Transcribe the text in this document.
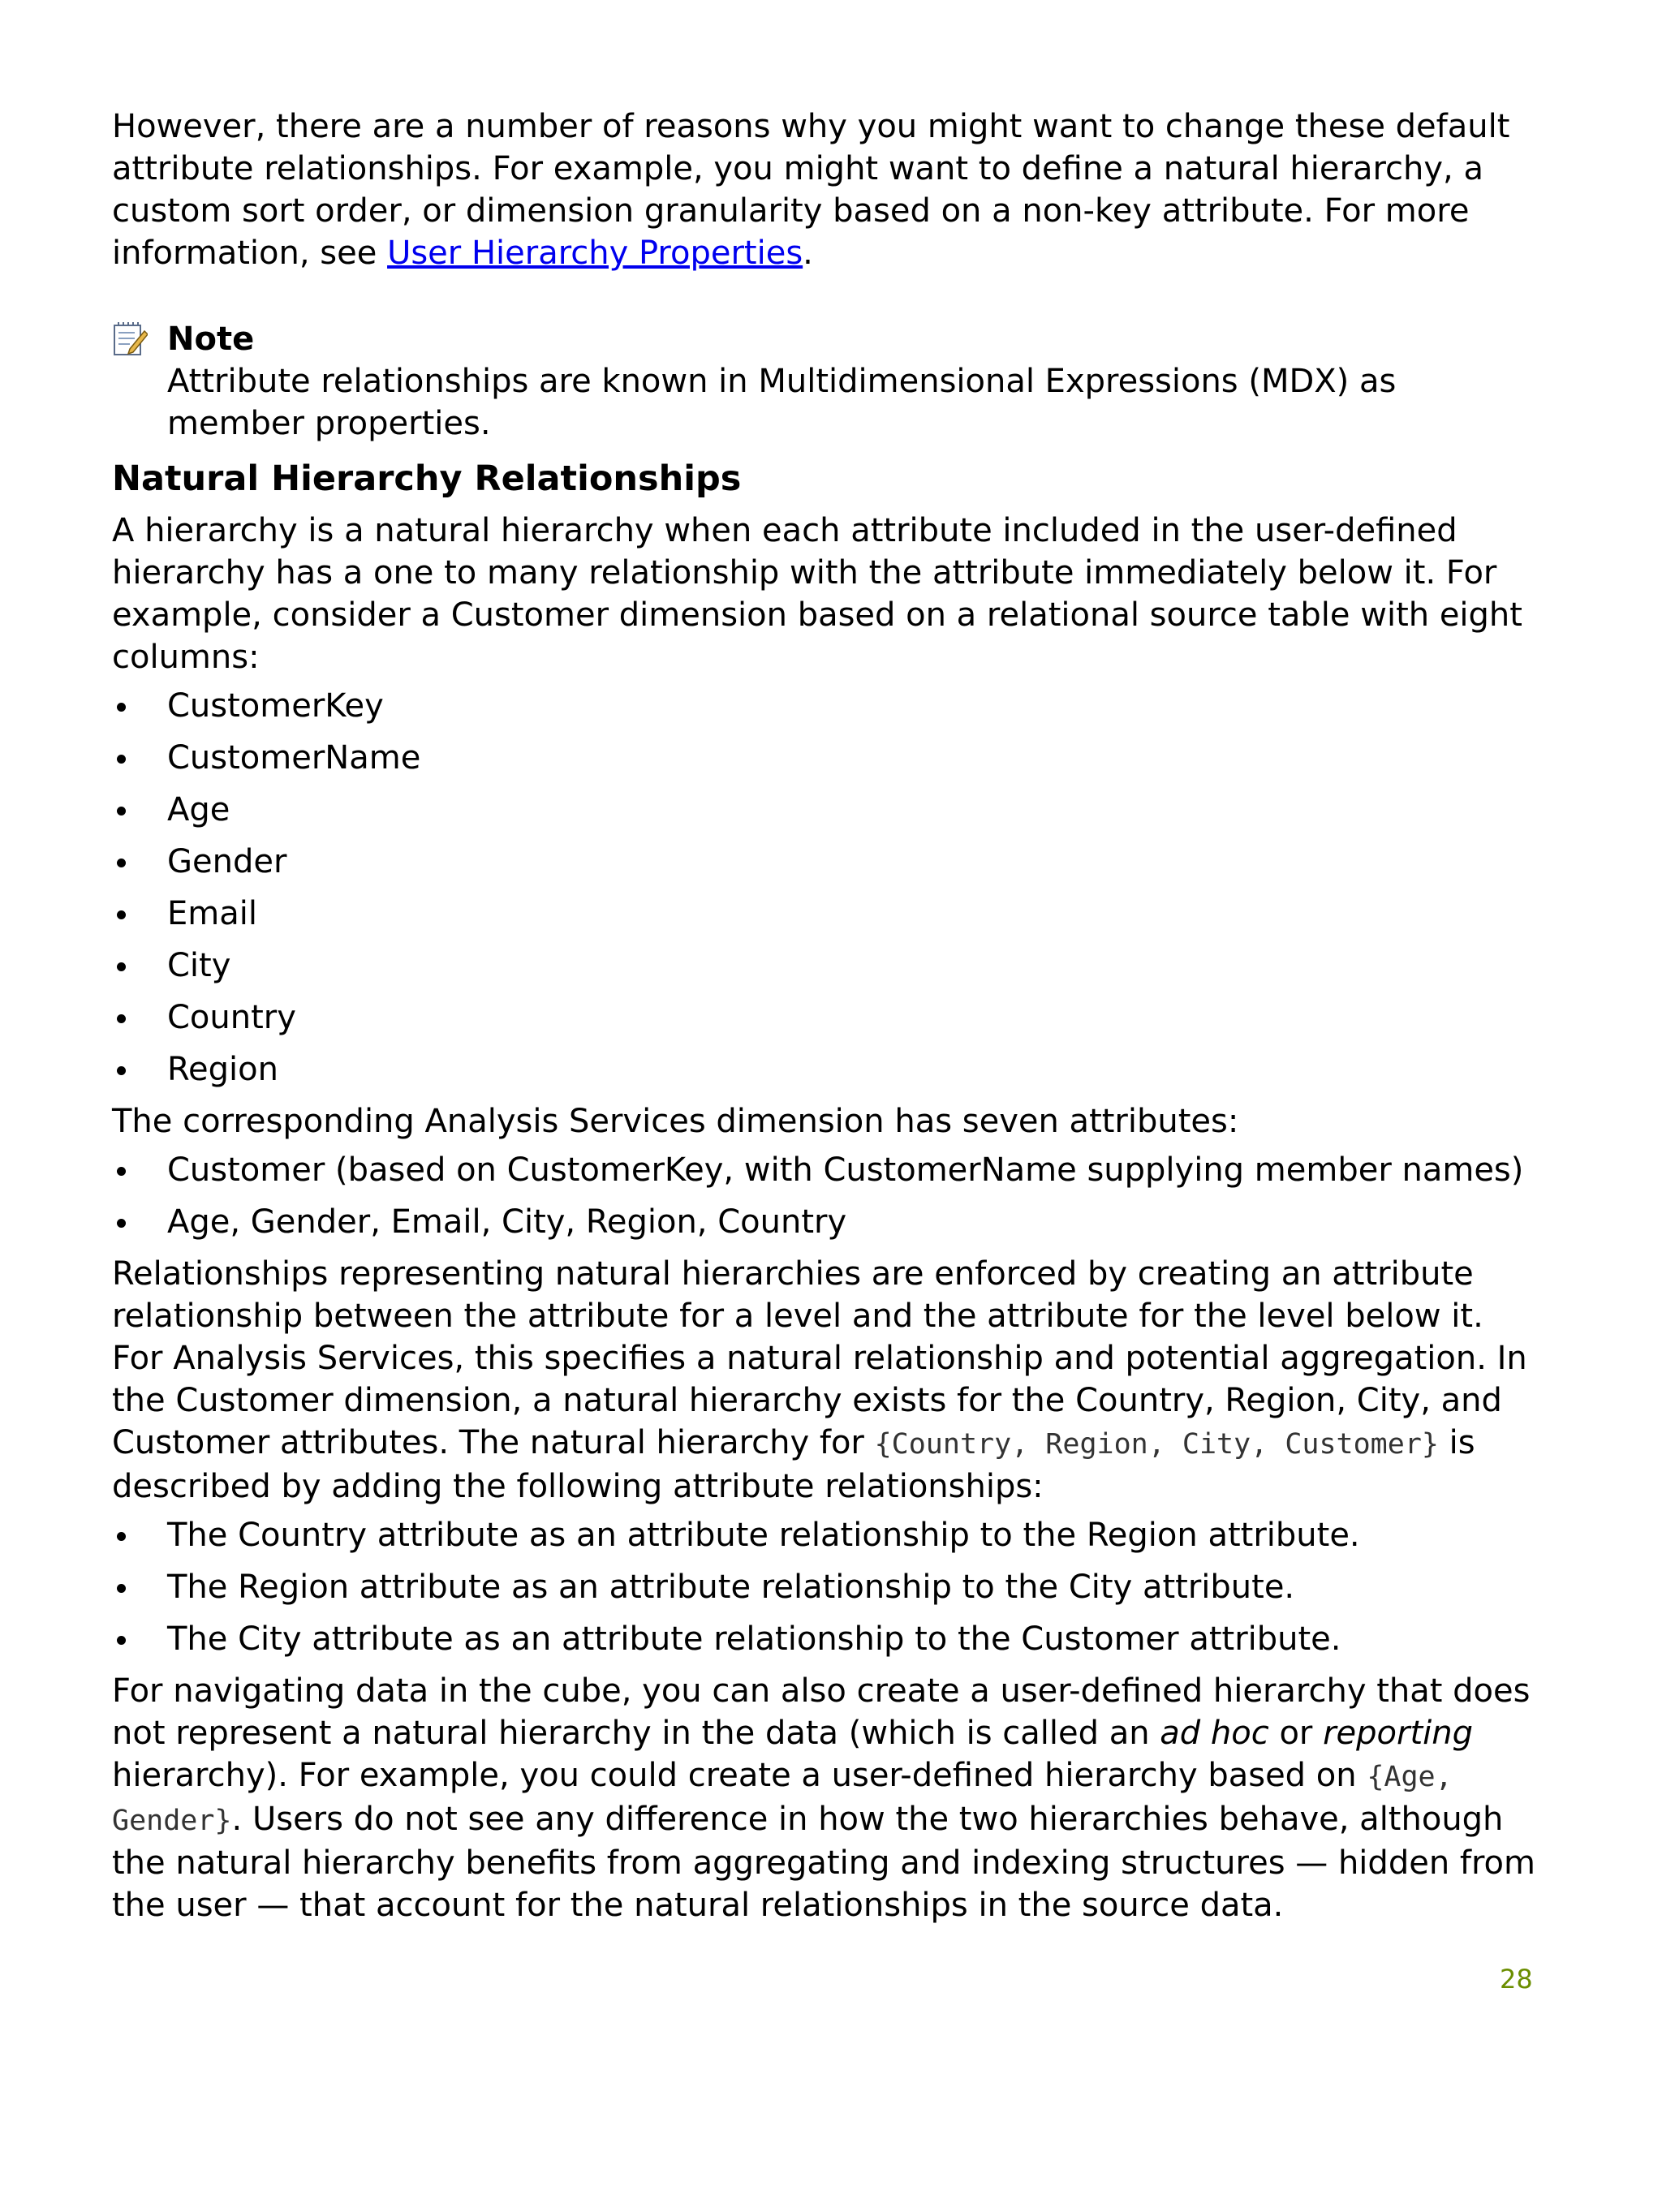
However, there are a number of reasons why you might want to change these default attribute relationships. For example, you might want to define a natural hierarchy, a custom sort order, or dimension granularity based on a non-key attribute. For more information, see User Hierarchy Properties.

Note
Attribute relationships are known in Multidimensional Expressions (MDX) as member properties.
Natural Hierarchy Relationships

A hierarchy is a natural hierarchy when each attribute included in the user-defined hierarchy has a one to many relationship with the attribute immediately below it. For example, consider a Customer dimension based on a relational source table with eight columns:

CustomerKey
CustomerName
Age
Gender
Email
City
Country
Region

The corresponding Analysis Services dimension has seven attributes:

Customer (based on CustomerKey, with CustomerName supplying member names)
Age, Gender, Email, City, Region, Country

Relationships representing natural hierarchies are enforced by creating an attribute relationship between the attribute for a level and the attribute for the level below it. For Analysis Services, this specifies a natural relationship and potential aggregation. In the Customer dimension, a natural hierarchy exists for the Country, Region, City, and Customer attributes. The natural hierarchy for {Country, Region, City, Customer} is described by adding the following attribute relationships:

The Country attribute as an attribute relationship to the Region attribute.
The Region attribute as an attribute relationship to the City attribute.
The City attribute as an attribute relationship to the Customer attribute.

For navigating data in the cube, you can also create a user-defined hierarchy that does not represent a natural hierarchy in the data (which is called an ad hoc or reporting hierarchy). For example, you could create a user-defined hierarchy based on {Age, Gender}. Users do not see any difference in how the two hierarchies behave, although the natural hierarchy benefits from aggregating and indexing structures — hidden from the user — that account for the natural relationships in the source data.

28
